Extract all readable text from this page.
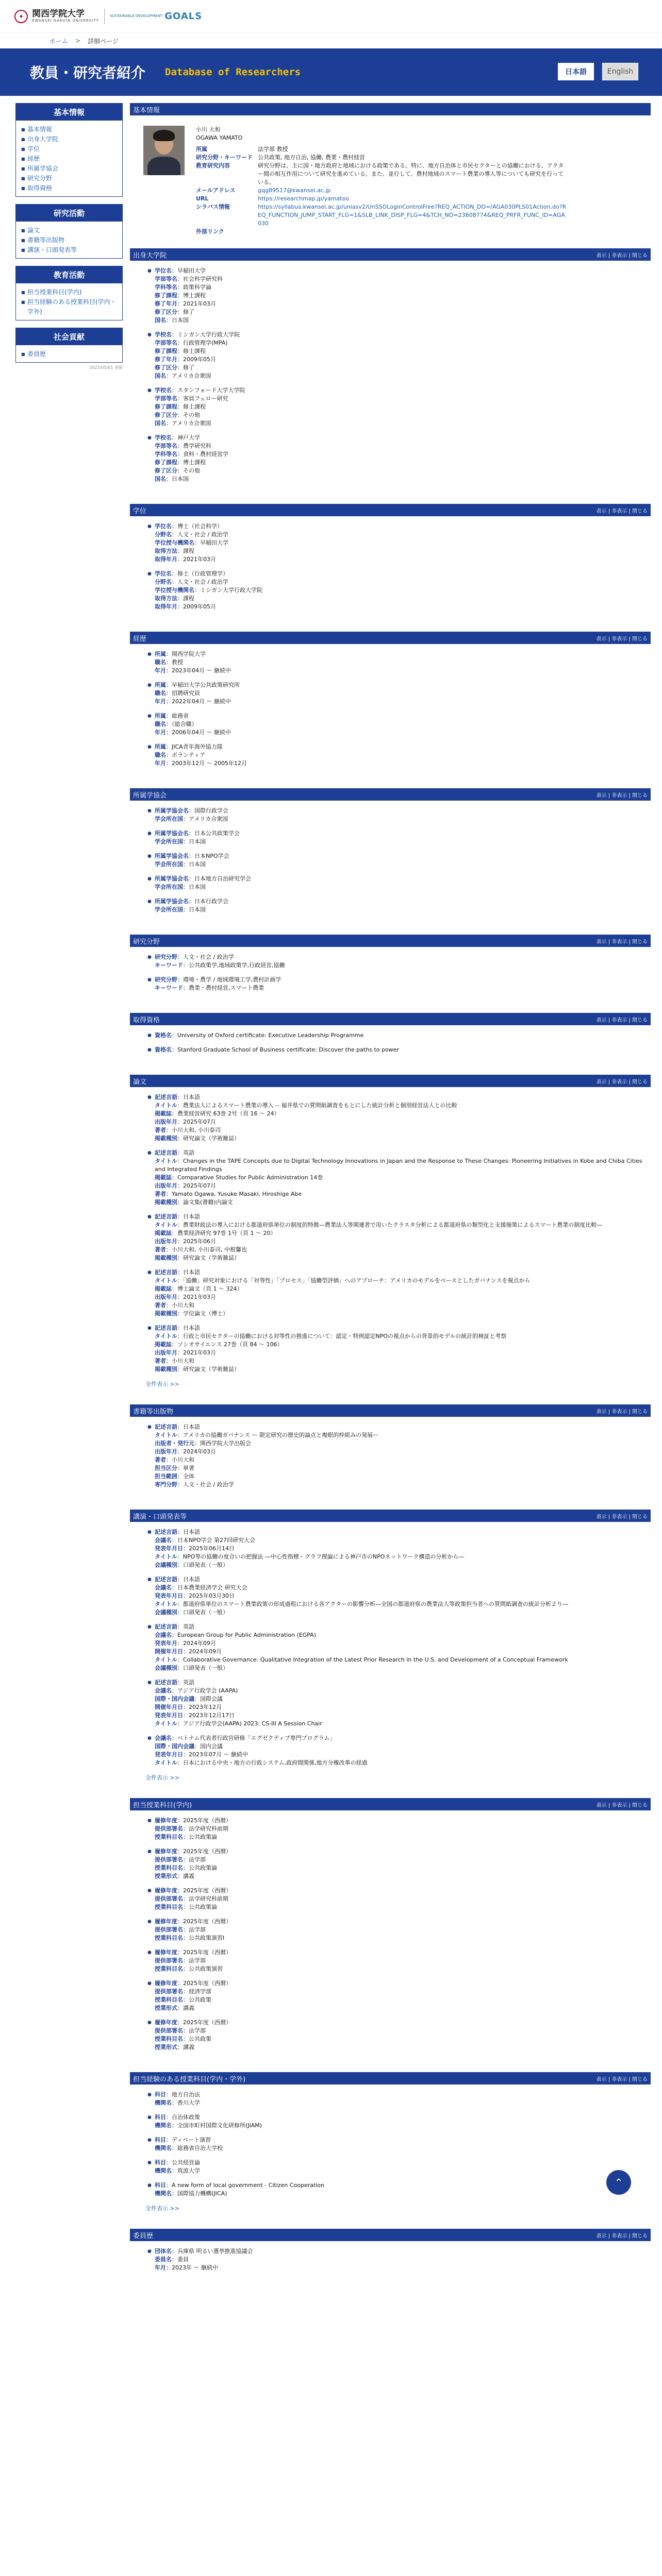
✦ 関西学院大学
KWANSEI GAKUIN UNIVERSITY
SUSTAINABLE DEVELOPMENT GOALS
ホーム > 詳細ページ
教員・研究者紹介 Database of Researchers	日本語	English
基本情報
■ 基本情報
■ 出身大学院
■ 学位
■ 経歴
■ 所属学協会
■ 研究分野
■ 取得資格
研究活動
■ 論文
■ 書籍等出版物
■ 講演・口頭発表等
教育活動
■ 担当授業科目(学内)
■ 担当経験のある授業科目(学内・学外)
社会貢献
■ 委員歴
2025/05/01 更新
基本情報
小川 大和
OGAWA YAMATO
所属	法学部 教授
研究分野・キーワード 公共政策, 地方自治, 協働, 農業・農村経営
教育研究内容	研究分野は、主に国・地方政府と地域における政策である。特に、地方自治体と市民セクターとの協働における、アクター間の相互作用について研究を進めている。また、並行して、農村地域のスマート農業の導入等についても研究を行っている。
メールアドレス	gqg89517@kwansei.ac.jp
URL	https://researchmap.jp/yamatoo
シラバス情報	https://syllabus.kwansei.ac.jp/uniasv2/UnSSOLoginControlFree?REQ_ACTION_DO=/AGA030PLS01Action.do?REQ_FUNCTION_JUMP_START_FLG=1&SLB_LINK_DISP_FLG=4&TCH_NO=23608774&REQ_PRFR_FUNC_ID=AGA030
外部リンク
出身大学院	表示 | 非表示 | 閉じる
● 学位名：早稲田大学
学部等名：社会科学研究科
学科等名：政策科学論
修了課程：博士課程
修了年月：2021年03月
修了区分：修了
国名：日本国
● 学校名：ミシガン大学行政大学院
学部等名：行政管理学(MPA)
修了課程：修士課程
修了年月：2009年05月
修了区分：修了
国名：アメリカ合衆国
● 学校名：スタンフォード大学大学院
学部等名：客員フェロー研究
修了課程：修士課程
修了区分：その他
国名：アメリカ合衆国
● 学校名：神戸大学
学部等名：農学研究科
学科等名：食料・農村経営学
修了課程：博士課程
修了区分：その他
国名：日本国
学位	表示 | 非表示 | 閉じる
● 学位名：博士（社会科学）
分野名：人文・社会 / 政治学
学位授与機関名：早稲田大学
取得方法：課程
取得年月：2021年03月
● 学位名：修士（行政管理学）
分野名：人文・社会 / 政治学
学位授与機関名：ミシガン大学行政大学院
取得方法：課程
取得年月：2009年05月
経歴	表示 | 非表示 | 閉じる
● 所属：関西学院大学
職名：教授
年月：2023年04月 ～ 継続中
● 所属：早稲田大学公共政策研究所
職名：招聘研究員
年月：2022年04月 ～ 継続中
● 所属：総務省
職名：（総合職）
年月：2006年04月 ～ 継続中
● 所属：JICA青年海外協力隊
職名：ボランティア
年月：2003年12月 ～ 2005年12月
所属学協会	表示 | 非表示 | 閉じる
● 所属学協会名：国際行政学会
学会所在国：アメリカ合衆国
● 所属学協会名：日本公共政策学会
学会所在国：日本国
● 所属学協会名：日本NPO学会
学会所在国：日本国
● 所属学協会名：日本地方自治研究学会
学会所在国：日本国
● 所属学協会名：日本行政学会
学会所在国：日本国
研究分野	表示 | 非表示 | 閉じる
● 研究分野：人文・社会 / 政治学
キーワード：公共政策学,地域政策学,行政経営,協働
● 研究分野：環境・農学 / 地域環境工学,農村計画学
キーワード：農業・農村経営,スマート農業
取得資格	表示 | 非表示 | 閉じる
● 資格名：University of Oxford certificate: Executive Leadership Programme
● 資格名：Stanford Graduate School of Business certificate: Discover the paths to power
論文	表示 | 非表示 | 閉じる
● 記述言語：日本語
タイトル：農業法人によるスマート農業の導入 -- 福井県での質問紙調査をもとにした統計分析と個別経営法人との比較
掲載誌：農業経営研究 63巻 2号（頁 16 ～ 24）
出版年月：2025年07月
著者：小川大和, 小川泰司
掲載種別：研究論文（学術雑誌）
● 記述言語：英語
タイトル：Changes in the TAPE Concepts due to Digital Technology Innovations in Japan and the Response to These Changes: Pioneering Initiatives in Kobe and Chiba Cities and Integrated Findings
掲載誌：Comparative Studies for Public Administration 14巻
出版年月：2025年07月
著者：Yamato Ogawa, Yusuke Masaki, Hiroshige Abe
掲載種別：論文集(書籍)内論文
● 記述言語：日本語
タイトル：農業財政法の導入における都道府県単位の制度的特徴—農業法人等関連者で用いたクラスタ分析による都道府県の類型化と支援施策によるスマート農業の制度比較—
掲載誌：農業経済研究 97巻 1号（頁 1 ～ 20）
出版年月：2025年06月
著者：小川大和, 小川泰司, 中根馨也
掲載種別：研究論文（学術雑誌）
● 記述言語：日本語
タイトル：「協働」研究対象における「対等性」「プロセス」「協働型評価」へのアプローチ：アメリカのモデルをベースとしたガバナンスを視点から
掲載誌：博士論文（頁 1 ～ 324）
出版年月：2021年03月
著者：小川大和
掲載種別：学位論文（博士）
● 記述言語：日本語
タイトル：行政と市民セクターの協働における対等性の推進について：認定・特例認定NPOの視点からの背景的モデルの統計的検証と考察
掲載誌：ソシオサイエンス 27巻（頁 84 ～ 106）
出版年月：2021年03月
著者：小川大和
掲載種別：研究論文（学術雑誌）
全件表示 >>
書籍等出版物	表示 | 非表示 | 閉じる
● 記述言語：日本語
タイトル：アメリカの協働ガバナンス ー 限定研究の歴史的論点と複眼的枠組みの発展ー
出版者・発行元：関西学院大学出版会
出版年月：2024年03月
著者：小川大和
担当区分：単著
担当範囲：全体
専門分野：人文・社会 / 政治学
講演・口頭発表等	表示 | 非表示 | 閉じる
● 記述言語：日本語
会議名：日本NPO学会 第27回研究大会
発表年月日：2025年06月14日
タイトル：NPO等の協働の度合いの把握法 ―中心性指標・グラフ理論による神戸市のNPOネットワーク構造の分析から―
会議種別：口頭発表（一般）
● 記述言語：日本語
会議名：日本農業経済学会 研究大会
発表年月日：2025年03月30日
タイトル：都道府県単位のスマート農業政策の形成過程における各アクターの影響分析―全国の都道府県の農業法人等政策担当者への質問紙調査の統計分析より―
会議種別：口頭発表（一般）
● 記述言語：英語
会議名：European Group for Public Administration (EGPA)
発表年月：2024年09月
開催年月日：2024年09月
タイトル：Collaborative Governance: Qualitative Integration of the Latest Prior Research in the U.S. and Development of a Conceptual Framework
会議種別：口頭発表（一般）
● 記述言語：英語
会議名：アジア行政学会 (AAPA)
国際・国内会議：国際会議
開催年月日：2023年12月
発表年月日：2023年12月17日
タイトル：アジア行政学会(AAPA) 2023: CS-III A Session Chair
● 会議名：ベトナム代表者行政官研修「エグゼクティブ専門プログラム」
国際・国内会議：国内会議
発表年月日：2023年07月 ～ 継続中
タイトル：日本における中央・地方の行政システム,政府間関係,地方分権改革の経過
全件表示 >>
担当授業科目(学内)	表示 | 非表示 | 閉じる
● 履修年度：2025年度（西暦）
提供部署名：法学研究科前期
授業科目名：公共政策論
● 履修年度：2025年度（西暦）
提供部署名：法学部
授業科目名：公共政策論
授業形式：講義
● 履修年度：2025年度（西暦）
提供部署名：法学研究科前期
授業科目名：公共政策論
● 履修年度：2025年度（西暦）
提供部署名：法学部
授業科目名：公共政策演習Ⅰ
● 履修年度：2025年度（西暦）
提供部署名：法学部
授業科目名：公共政策演習
● 履修年度：2025年度（西暦）
提供部署名：経済学部
授業科目名：公共政策
授業形式：講義
● 履修年度：2025年度（西暦）
提供部署名：法学部
授業科目名：公共政策
授業形式：講義
担当経験のある授業科目(学内・学外)	表示 | 非表示 | 閉じる
● 科目：地方自治法
機関名：香川大学
● 科目：自治体政策
機関名：全国市町村国際文化研修所(JIAM)
● 科目：ディベート演習
機関名：総務省自治大学校
● 科目：公共経営論
機関名：筑波大学
● 科目：A new form of local government - Citizen Cooperation
機関名：国際協力機構(JICA)
全件表示 >>
委員歴	表示 | 非表示 | 閉じる
● 団体名：兵庫県 明るい選挙推進協議会
委員名：委員
年月：2023年 ～ 継続中
⌃
